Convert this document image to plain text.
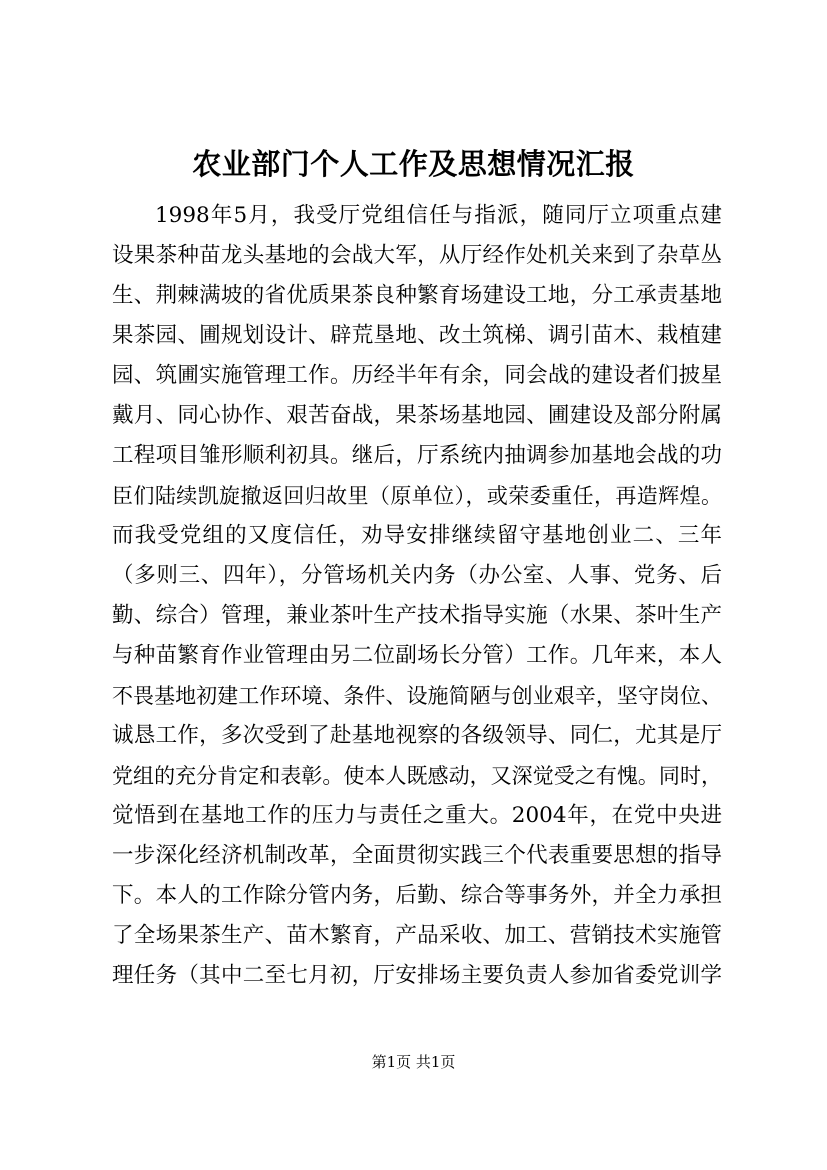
农业部门个人工作及思想情况汇报
1998年5月，我受厅党组信任与指派，随同厅立项重点建
设果茶种苗龙头基地的会战大军，从厅经作处机关来到了杂草丛
生、荆棘满坡的省优质果茶良种繁育场建设工地，分工承责基地
果茶园、圃规划设计、辟荒垦地、改土筑梯、调引苗木、栽植建
园、筑圃实施管理工作。历经半年有余，同会战的建设者们披星
戴月、同心协作、艰苦奋战，果茶场基地园、圃建设及部分附属
工程项目雏形顺利初具。继后，厅系统内抽调参加基地会战的功
臣们陆续凯旋撤返回归故里（原单位），或荣委重任，再造辉煌。
而我受党组的又度信任，劝导安排继续留守基地创业二、三年
（多则三、四年），分管场机关内务（办公室、人事、党务、后
勤、综合）管理，兼业茶叶生产技术指导实施（水果、茶叶生产
与种苗繁育作业管理由另二位副场长分管）工作。几年来，本人
不畏基地初建工作环境、条件、设施简陋与创业艰辛，坚守岗位、
诚恳工作，多次受到了赴基地视察的各级领导、同仁，尤其是厅
党组的充分肯定和表彰。使本人既感动，又深觉受之有愧。同时，
觉悟到在基地工作的压力与责任之重大。2004年，在党中央进
一步深化经济机制改革，全面贯彻实践三个代表重要思想的指导
下。本人的工作除分管内务，后勤、综合等事务外，并全力承担
了全场果茶生产、苗木繁育，产品采收、加工、营销技术实施管
理任务（其中二至七月初，厅安排场主要负责人参加省委党训学
第1页 共1页
